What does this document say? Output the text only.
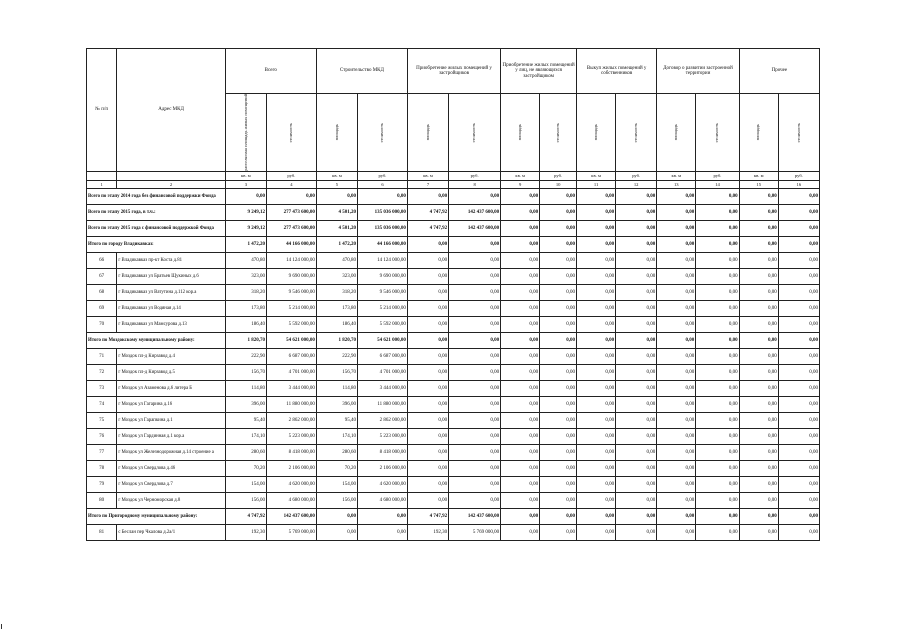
№ п/п	Адрес МКД	Всего		Строительство МКД		Приобретение жилых помещений у застройщиков		Приобретение жилых помещений у лиц, не являющихся застройщиком		Выкуп жилых помещений у собственников		Договор о развитии застроенной территории		Прочее	

		расселяемая площадь жилых помещений	стоимость	площадь	стоимость	площадь	стоимость	площадь	стоимость	площадь	стоимость	площадь	стоимость	площадь	стоимость

		кв. м	руб.	кв. м	руб.	кв. м	руб.	кв. м	руб.	кв. м	руб.	кв. м	руб.	кв. м	руб.
1	2	3	4	5	6	7	8	9	10	11	12	13	14	15	16
Всего по этапу 2014 года без финансовой поддержки Фонда		0,00	0,00	0,00	0,00	0,00	0,00	0,00	0,00	0,00	0,00	0,00	0,00	0,00	0,00
Всего по этапу 2015 года, в т.ч.:		9 249,12	277 473 600,00	4 501,20	135 036 000,00	4 747,92	142 437 600,00	0,00	0,00	0,00	0,00	0,00	0,00	0,00	0,00
Всего по этапу 2015 года с финансовой поддержкой Фонда		9 249,12	277 473 600,00	4 501,20	135 036 000,00	4 747,92	142 437 600,00	0,00	0,00	0,00	0,00	0,00	0,00	0,00	0,00
Итого по городу Владикавказ:		1 472,20	44 166 000,00	1 472,20	44 166 000,00	0,00	0,00	0,00	0,00	0,00	0,00	0,00	0,00	0,00	0,00
66	г Владикавказ пр-кт Коста д.81	470,80	14 124 000,00	470,80	14 124 000,00	0,00	0,00	0,00	0,00	0,00	0,00	0,00	0,00	0,00	0,00
67	г Владикавказ ул Братьев Щукиных д.6	323,00	9 690 000,00	323,00	9 690 000,00	0,00	0,00	0,00	0,00	0,00	0,00	0,00	0,00	0,00	0,00
68	г Владикавказ ул Ватутина д.112 кор.а	318,20	9 546 000,00	318,20	9 546 000,00	0,00	0,00	0,00	0,00	0,00	0,00	0,00	0,00	0,00	0,00
69	г Владикавказ ул Водяная д.14	173,80	5 214 000,00	173,80	5 214 000,00	0,00	0,00	0,00	0,00	0,00	0,00	0,00	0,00	0,00	0,00
70	г Владикавказ ул Мамсурова д.13	186,40	5 592 000,00	186,40	5 592 000,00	0,00	0,00	0,00	0,00	0,00	0,00	0,00	0,00	0,00	0,00
Итого по Моздокскому муниципальному району:		1 820,70	54 621 000,00	1 820,70	54 621 000,00	0,00	0,00	0,00	0,00	0,00	0,00	0,00	0,00	0,00	0,00
71	г Моздок пл-д Кирзавод д.4	222,90	6 687 000,00	222,90	6 687 000,00	0,00	0,00	0,00	0,00	0,00	0,00	0,00	0,00	0,00	0,00
72	г Моздок пл-д Кирзавод д.5	156,70	4 701 000,00	156,70	4 701 000,00	0,00	0,00	0,00	0,00	0,00	0,00	0,00	0,00	0,00	0,00
73	г Моздок ул Азаменова д.6 литера Б	114,80	3 444 000,00	114,80	3 444 000,00	0,00	0,00	0,00	0,00	0,00	0,00	0,00	0,00	0,00	0,00
74	г Моздок ул Гагарина д.16	396,00	11 880 000,00	396,00	11 880 000,00	0,00	0,00	0,00	0,00	0,00	0,00	0,00	0,00	0,00	0,00
75	г Моздок ул Гарапкина д.1	95,40	2 862 000,00	95,40	2 862 000,00	0,00	0,00	0,00	0,00	0,00	0,00	0,00	0,00	0,00	0,00
76	г Моздок ул Гардинная д.1 кор.а	174,10	5 223 000,00	174,10	5 223 000,00	0,00	0,00	0,00	0,00	0,00	0,00	0,00	0,00	0,00	0,00
77	г Моздок ул Железнодорожная д.14 строение а	280,60	8 418 000,00	280,60	8 418 000,00	0,00	0,00	0,00	0,00	0,00	0,00	0,00	0,00	0,00	0,00
78	г Моздок ул Свердлова д.46	70,20	2 106 000,00	70,20	2 106 000,00	0,00	0,00	0,00	0,00	0,00	0,00	0,00	0,00	0,00	0,00
79	г Моздок ул Свердлова д.7	154,00	4 620 000,00	154,00	4 620 000,00	0,00	0,00	0,00	0,00	0,00	0,00	0,00	0,00	0,00	0,00
80	г Моздок ул Черноморская д.8	156,00	4 680 000,00	156,00	4 680 000,00	0,00	0,00	0,00	0,00	0,00	0,00	0,00	0,00	0,00	0,00
Итого по Пригородному муниципальному району:		4 747,92	142 437 600,00	0,00	0,00	4 747,92	142 437 600,00	0,00	0,00	0,00	0,00	0,00	0,00	0,00	0,00
81	с Беслан пер Чкалова д.2а/1	192,30	5 769 000,00	0,00	0,00	192,30	5 769 000,00	0,00	0,00	0,00	0,00	0,00	0,00	0,00	0,00
